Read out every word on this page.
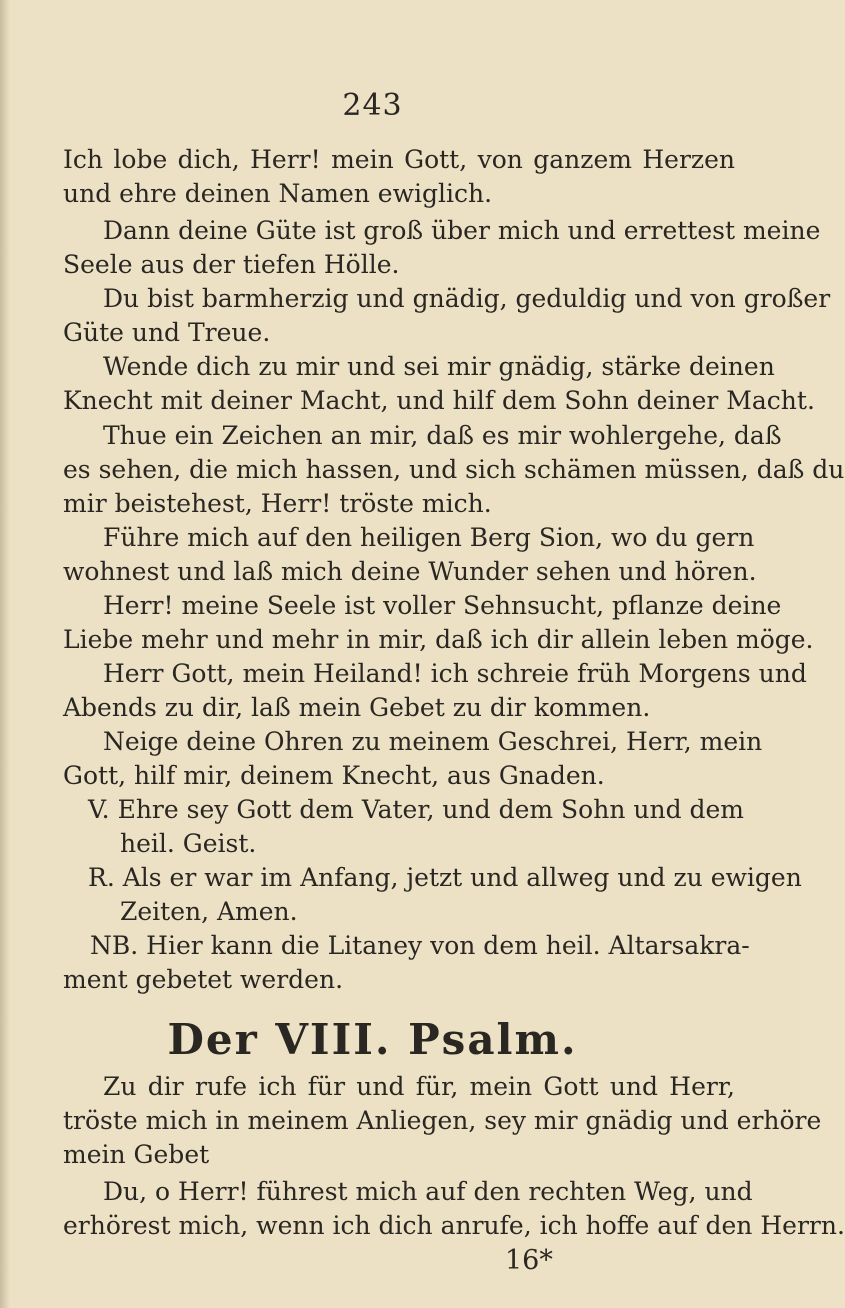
243
Ich lobe dich, Herr! mein Gott, von ganzem Herzen
und ehre deinen Namen ewiglich.
Dann deine Güte ist groß über mich und errettest meine
Seele aus der tiefen Hölle.
Du bist barmherzig und gnädig, geduldig und von großer
Güte und Treue.
Wende dich zu mir und sei mir gnädig, stärke deinen
Knecht mit deiner Macht, und hilf dem Sohn deiner Macht.
Thue ein Zeichen an mir, daß es mir wohlergehe, daß
es sehen, die mich hassen, und sich schämen müssen, daß du
mir beistehest, Herr! tröste mich.
Führe mich auf den heiligen Berg Sion, wo du gern
wohnest und laß mich deine Wunder sehen und hören.
Herr! meine Seele ist voller Sehnsucht, pflanze deine
Liebe mehr und mehr in mir, daß ich dir allein leben möge.
Herr Gott, mein Heiland! ich schreie früh Morgens und
Abends zu dir, laß mein Gebet zu dir kommen.
Neige deine Ohren zu meinem Geschrei, Herr, mein
Gott, hilf mir, deinem Knecht, aus Gnaden.
V. Ehre sey Gott dem Vater, und dem Sohn und dem
heil. Geist.
R. Als er war im Anfang, jetzt und allweg und zu ewigen
Zeiten, Amen.
NB. Hier kann die Litaney von dem heil. Altarsakra-
ment gebetet werden.
Der VIII. Psalm.
Zu dir rufe ich für und für, mein Gott und Herr,
tröste mich in meinem Anliegen, sey mir gnädig und erhöre
mein Gebet
Du, o Herr! führest mich auf den rechten Weg, und
erhörest mich, wenn ich dich anrufe, ich hoffe auf den Herrn.
16*
